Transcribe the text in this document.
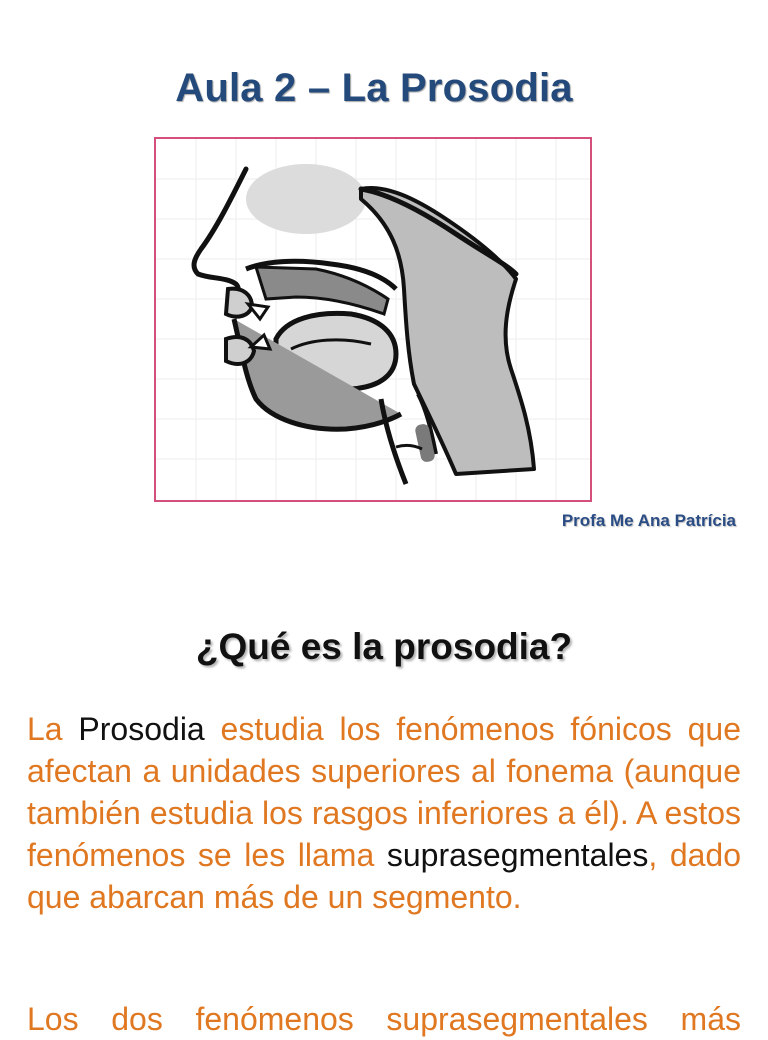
Aula 2 – La Prosodia
Profa Me Ana Patrícia
¿Qué es la prosodia?
La Prosodia estudia los fenómenos fónicos que afectan a unidades superiores al fonema (aunque también estudia los rasgos inferiores a él). A estos fenómenos se les llama suprasegmentales, dado que abarcan más de un segmento.
Los dos fenómenos suprasegmentales más
